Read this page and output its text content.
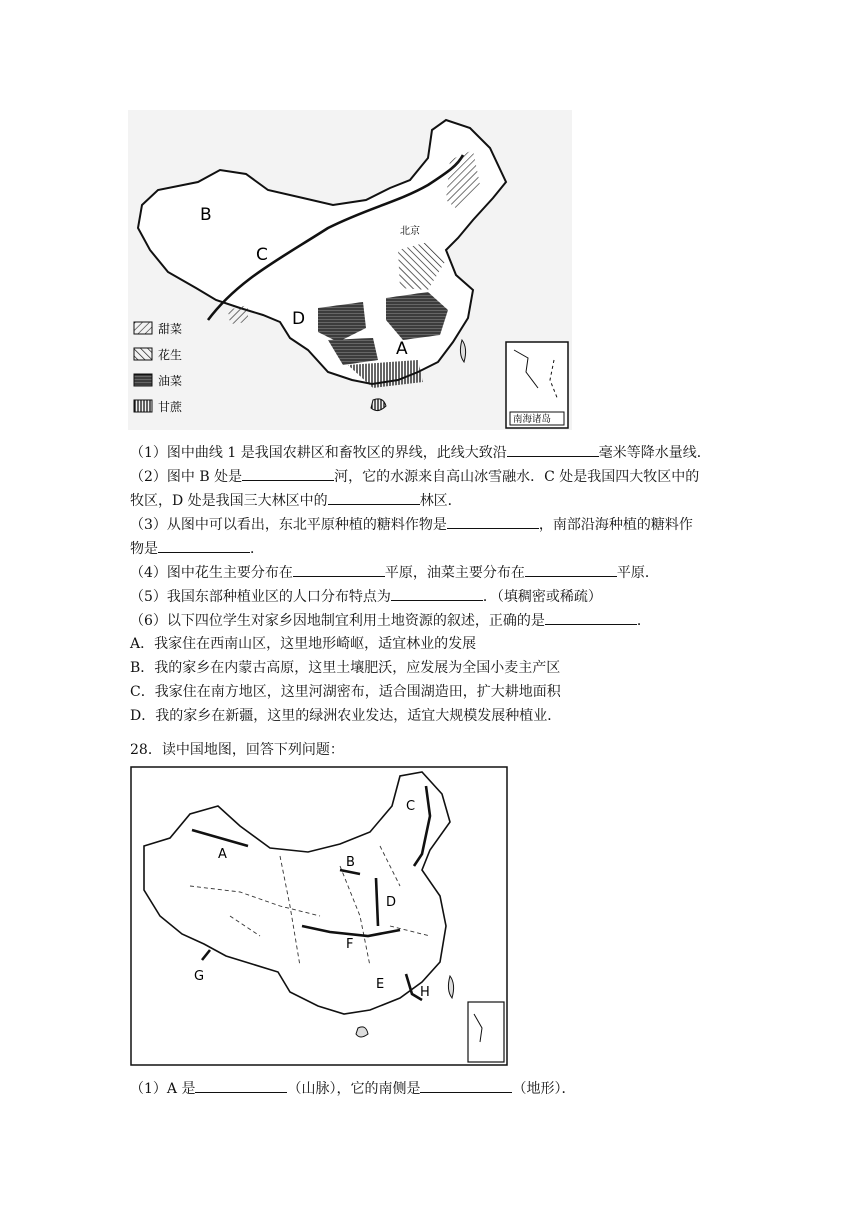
B
C
D
A
北京
甜菜
花生
油菜
甘蔗
南海诸岛
（1）图中曲线 1 是我国农耕区和畜牧区的界线，此线大致沿	毫米等降水量线．
（2）图中 B 处是	河，它的水源来自高山冰雪融水．C 处是我国四大牧区中的
牧区，D 处是我国三大林区中的	林区．
（3）从图中可以看出，东北平原种植的糖料作物是	，南部沿海种植的糖料作
物是	．
（4）图中花生主要分布在	平原，油菜主要分布在	平原．
（5）我国东部种植业区的人口分布特点为	．（填稠密或稀疏）
（6）以下四位学生对家乡因地制宜利用土地资源的叙述，正确的是	．
A．我家住在西南山区，这里地形崎岖，适宜林业的发展
B．我的家乡在内蒙古高原，这里土壤肥沃，应发展为全国小麦主产区
C．我家住在南方地区，这里河湖密布，适合围湖造田，扩大耕地面积
D．我的家乡在新疆，这里的绿洲农业发达，适宜大规模发展种植业．
28．读中国地图，回答下列问题：
A
B
C
D
E
F
G
H
（1）A 是	（山脉），它的南侧是	（地形）．
